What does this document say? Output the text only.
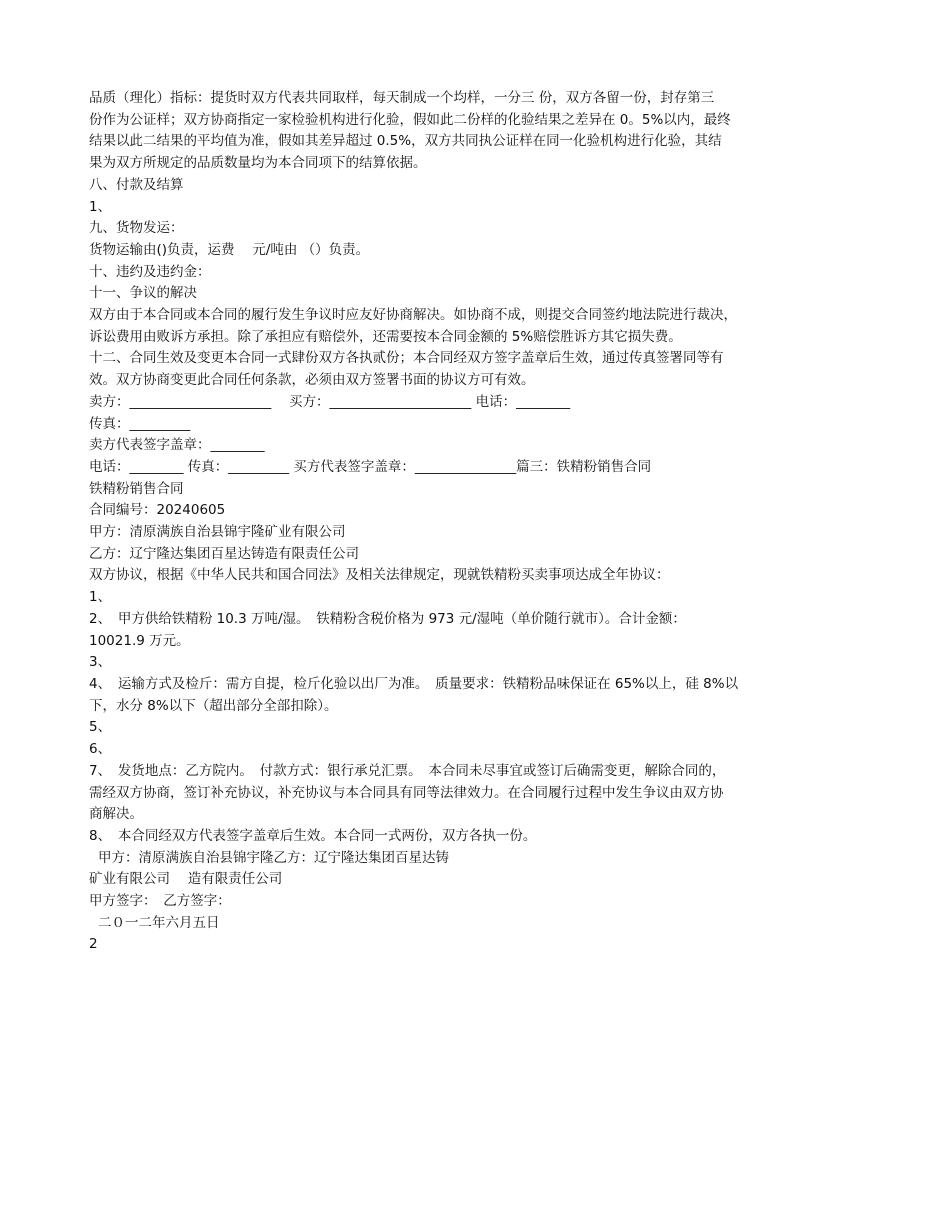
品质（理化）指标：提货时双方代表共同取样，每天制成一个均样，一分三 份，双方各留一份，封存第三
份作为公证样；双方协商指定一家检验机构进行化验，假如此二份样的化验结果之差异在 0。5%以内，最终
结果以此二结果的平均值为准，假如其差异超过 0.5%，双方共同执公证样在同一化验机构进行化验，其结
果为双方所规定的品质数量均为本合同项下的结算依据。
八、付款及结算
1、
九、货物发运：
货物运输由()负责，运费　 元/吨由 （）负责。
十、违约及违约金：
十一、争议的解决
双方由于本合同或本合同的履行发生争议时应友好协商解决。如协商不成，则提交合同签约地法院进行裁决，
诉讼费用由败诉方承担。除了承担应有赔偿外，还需要按本合同金额的 5%赔偿胜诉方其它损失费。
十二、合同生效及变更本合同一式肆份双方各执贰份；本合同经双方签字盖章后生效，通过传真签署同等有
效。双方协商变更此合同任何条款，必须由双方签署书面的协议方可有效。
卖方：_____________________　 买方：_____________________ 电话：________
传真：_________
卖方代表签字盖章：________
电话：________ 传真：_________ 买方代表签字盖章：_______________篇三：铁精粉销售合同
铁精粉销售合同
合同编号：20240605
甲方：清原满族自治县锦宇隆矿业有限公司
乙方：辽宁隆达集团百星达铸造有限责任公司
双方协议，根据《中华人民共和国合同法》及相关法律规定，现就铁精粉买卖事项达成全年协议：
1、
2、　甲方供给铁精粉 10.3 万吨/湿。　铁精粉含税价格为 973 元/湿吨（单价随行就市）。合计金额：
10021.9 万元。
3、
4、　运输方式及检斤：需方自提，检斤化验以出厂为准。　质量要求：铁精粉品味保证在 65%以上，硅 8%以
下，水分 8%以下（超出部分全部扣除）。
5、
6、
7、　发货地点：乙方院内。　付款方式：银行承兑汇票。　本合同未尽事宜或签订后确需变更，解除合同的，
需经双方协商，签订补充协议，补充协议与本合同具有同等法律效力。在合同履行过程中发生争议由双方协
商解决。
8、　本合同经双方代表签字盖章后生效。本合同一式两份，双方各执一份。
甲方：清原满族自治县锦宇隆乙方：辽宁隆达集团百星达铸
矿业有限公司　 造有限责任公司
甲方签字：　乙方签字：
二０一二年六月五日
2
